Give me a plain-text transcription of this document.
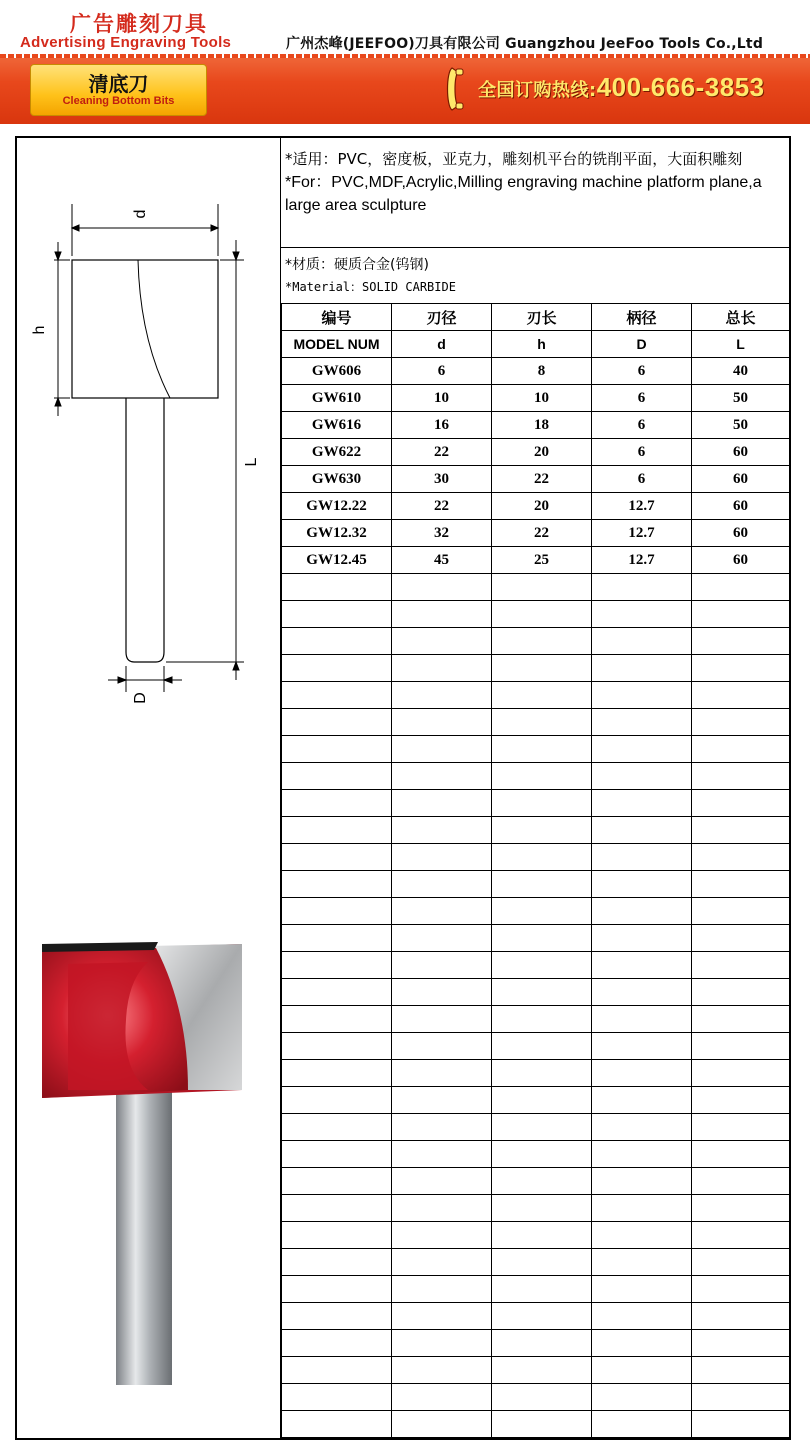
广告雕刻刀具
Advertising Engraving Tools	广州杰峰(JEEFOO)刀具有限公司 Guangzhou JeeFoo Tools Co.,Ltd
清底刀
Cleaning Bottom Bits	全国订购热线:400-666-3853
d
h
L
D
*适用：PVC，密度板，亚克力，雕刻机平台的铣削平面，大面积雕刻
*For：PVC,MDF,Acrylic,Milling engraving machine platform plane,a large area sculpture
*材质：硬质合金(钨钢)
*Material：SOLID CARBIDE
编号	刃径	刃长	柄径	总长
MODEL NUM	d	h	D	L
GW606	6	8	6	40
GW610	10	10	6	50
GW616	16	18	6	50
GW622	22	20	6	60
GW630	30	22	6	60
GW12.22	22	20	12.7	60
GW12.32	32	22	12.7	60
GW12.45	45	25	12.7	60
